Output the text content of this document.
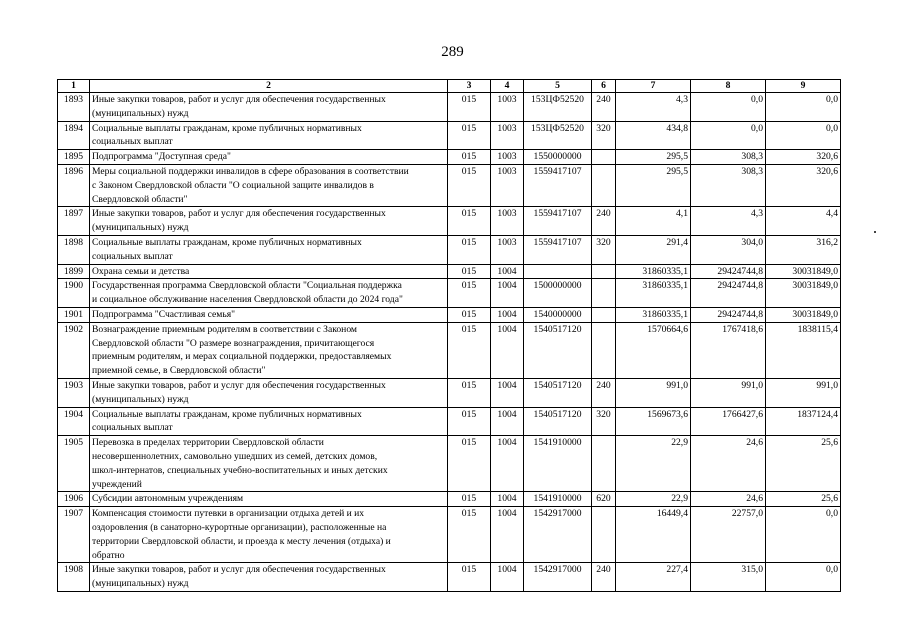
289
1	2	3	4	5	6	7	8	9
1893	Иные закупки товаров, работ и услуг для обеспечения государственных
(муниципальных) нужд	015	1003	153ЦФ52520	240	4,3	0,0	0,0
1894	Социальные выплаты гражданам, кроме публичных нормативных
социальных выплат	015	1003	153ЦФ52520	320	434,8	0,0	0,0
1895	Подпрограмма "Доступная среда"	015	1003	1550000000		295,5	308,3	320,6
1896	Меры социальной поддержки инвалидов в сфере образования в соответствии
с Законом Свердловской области "О социальной защите инвалидов в
Свердловской области"	015	1003	1559417107		295,5	308,3	320,6
1897	Иные закупки товаров, работ и услуг для обеспечения государственных
(муниципальных) нужд	015	1003	1559417107	240	4,1	4,3	4,4
1898	Социальные выплаты гражданам, кроме публичных нормативных
социальных выплат	015	1003	1559417107	320	291,4	304,0	316,2
1899	Охрана семьи и детства	015	1004			31860335,1	29424744,8	30031849,0
1900	Государственная программа Свердловской области "Социальная поддержка
и социальное обслуживание населения Свердловской области до 2024 года"	015	1004	1500000000		31860335,1	29424744,8	30031849,0
1901	Подпрограмма "Счастливая семья"	015	1004	1540000000		31860335,1	29424744,8	30031849,0
1902	Вознаграждение приемным родителям в соответствии с Законом
Свердловской области "О размере вознаграждения, причитающегося
приемным родителям, и мерах социальной поддержки, предоставляемых
приемной семье, в Свердловской области"	015	1004	1540517120		1570664,6	1767418,6	1838115,4
1903	Иные закупки товаров, работ и услуг для обеспечения государственных
(муниципальных) нужд	015	1004	1540517120	240	991,0	991,0	991,0
1904	Социальные выплаты гражданам, кроме публичных нормативных
социальных выплат	015	1004	1540517120	320	1569673,6	1766427,6	1837124,4
1905	Перевозка в пределах территории Свердловской области
несовершеннолетних, самовольно ушедших из семей, детских домов,
школ-интернатов, специальных учебно-воспитательных и иных детских
учреждений	015	1004	1541910000		22,9	24,6	25,6
1906	Субсидии автономным учреждениям	015	1004	1541910000	620	22,9	24,6	25,6
1907	Компенсация стоимости путевки в организации отдыха детей и их
оздоровления (в санаторно-курортные организации), расположенные на
территории Свердловской области, и проезда к месту лечения (отдыха) и
обратно	015	1004	1542917000		16449,4	22757,0	0,0
1908	Иные закупки товаров, работ и услуг для обеспечения государственных
(муниципальных) нужд	015	1004	1542917000	240	227,4	315,0	0,0
